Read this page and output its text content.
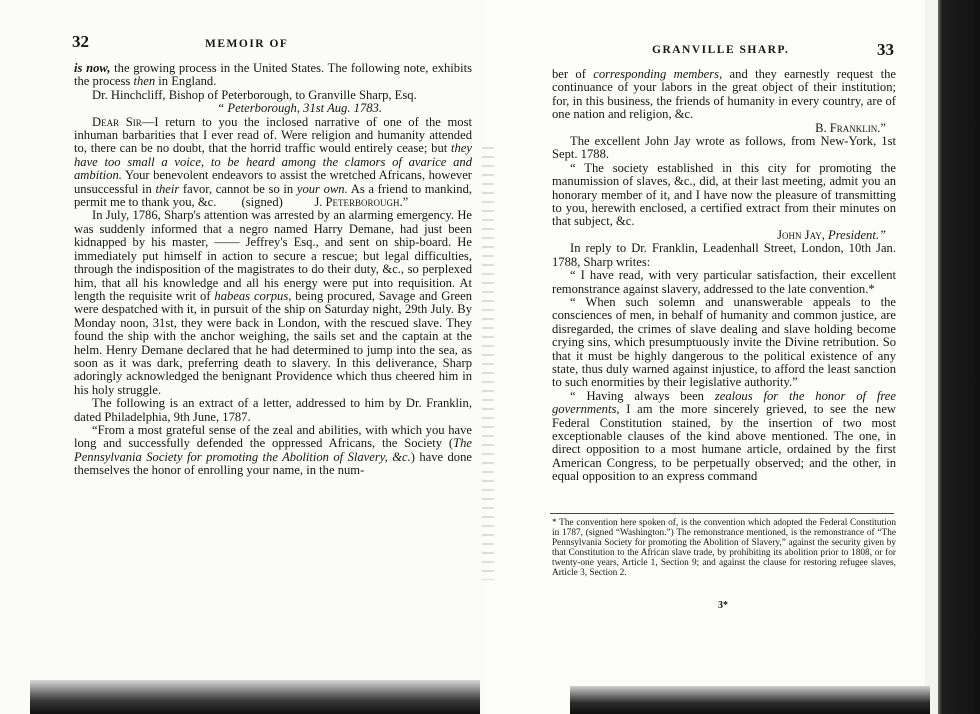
32	MEMOIR OF

is now, the growing process in the United States. The following note, exhibits the process then in England.

Dr. Hinchcliff, Bishop of Peterborough, to Granville Sharp, Esq.

“ Peterborough, 31st Aug. 1783.

Dear Sir—I return to you the inclosed narrative of one of the most inhuman barbarities that I ever read of. Were religion and humanity attended to, there can be no doubt, that the horrid traffic would entirely cease; but they have too small a voice, to be heard among the clamors of avarice and ambition. Your benevolent endeavors to assist the wretched Africans, however unsuccessful in their favor, cannot be so in your own. As a friend to mankind, permit me to thank you, &c. (signed) J. Peterborough.”

In July, 1786, Sharp's attention was arrested by an alarming emergency. He was suddenly informed that a negro named Harry Demane, had just been kidnapped by his master, —— Jeffrey's Esq., and sent on ship-board. He immediately put himself in action to secure a rescue; but legal difficulties, through the indisposition of the magistrates to do their duty, &c., so perplexed him, that all his knowledge and all his energy were put into requisition. At length the requisite writ of habeas corpus, being procured, Savage and Green were despatched with it, in pursuit of the ship on Saturday night, 29th July. By Monday noon, 31st, they were back in London, with the rescued slave. They found the ship with the anchor weighing, the sails set and the captain at the helm. Henry Demane declared that he had determined to jump into the sea, as soon as it was dark, preferring death to slavery. In this deliverance, Sharp adoringly acknowledged the benignant Providence which thus cheered him in his holy struggle.

The following is an extract of a letter, addressed to him by Dr. Franklin, dated Philadelphia, 9th June, 1787.

“From a most grateful sense of the zeal and abilities, with which you have long and successfully defended the oppressed Africans, the Society (The Pennsylvania Society for promoting the Abolition of Slavery, &c.) have done themselves the honor of enrolling your name, in the num-

GRANVILLE SHARP.	33

ber of corresponding members, and they earnestly request the continuance of your labors in the great object of their institution; for, in this business, the friends of humanity in every country, are of one nation and religion, &c.

B. Franklin.”

The excellent John Jay wrote as follows, from New-York, 1st Sept. 1788.

“ The society established in this city for promoting the manumission of slaves, &c., did, at their last meeting, admit you an honorary member of it, and I have now the pleasure of transmitting to you, herewith enclosed, a certified extract from their minutes on that subject, &c.

John Jay, President.”

In reply to Dr. Franklin, Leadenhall Street, London, 10th Jan. 1788, Sharp writes:

“ I have read, with very particular satisfaction, their excellent remonstrance against slavery, addressed to the late convention.*

“ When such solemn and unanswerable appeals to the consciences of men, in behalf of humanity and common justice, are disregarded, the crimes of slave dealing and slave holding become crying sins, which presumptuously invite the Divine retribution. So that it must be highly dangerous to the political existence of any state, thus duly warned against injustice, to afford the least sanction to such enormities by their legislative authority.”

“ Having always been zealous for the honor of free governments, I am the more sincerely grieved, to see the new Federal Constitution stained, by the insertion of two most exceptionable clauses of the kind above mentioned. The one, in direct opposition to a most humane article, ordained by the first American Congress, to be perpetually observed; and the other, in equal opposition to an express command

* The convention here spoken of, is the convention which adopted the Federal Constitution in 1787, (signed “Washington.”) The remonstrance mentioned, is the remonstrance of “The Pennsylvania Society for promoting the Abolition of Slavery,” against the security given by that Constitution to the African slave trade, by prohibiting its abolition prior to 1808, or for twenty-one years, Article 1, Section 9; and against the clause for restoring refugee slaves, Article 3, Section 2.

3*
